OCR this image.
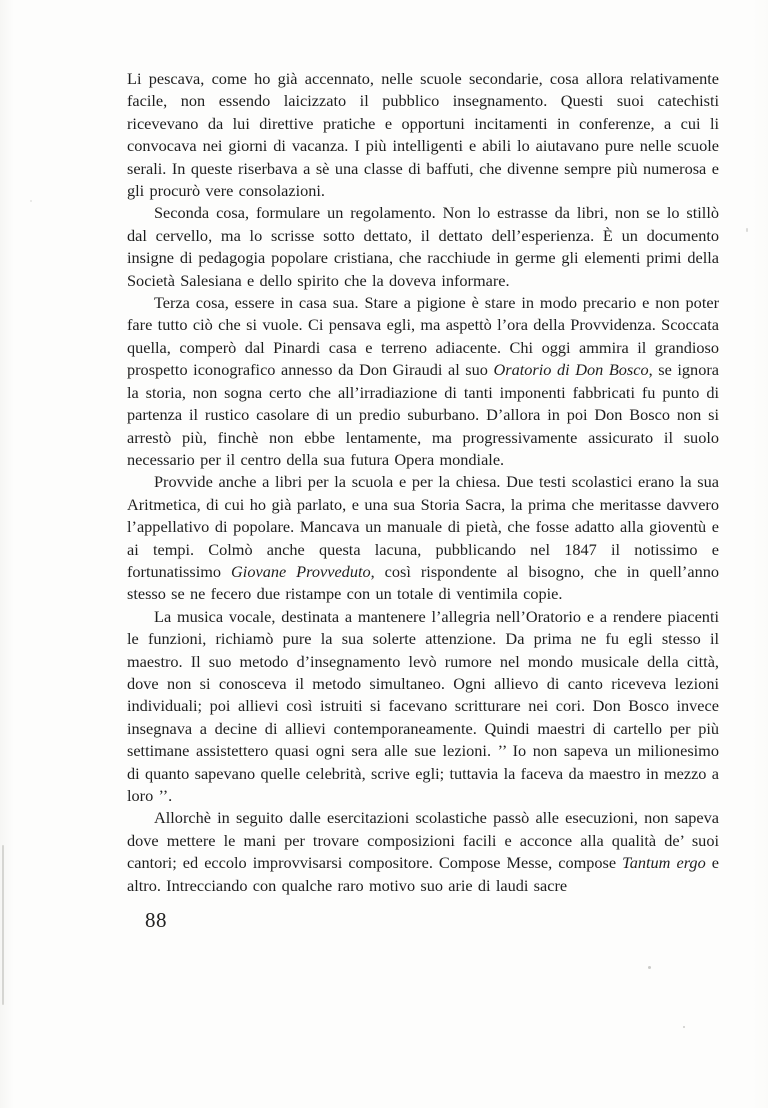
Li pescava, come ho già accennato, nelle scuole secondarie, cosa allora relativamente facile, non essendo laicizzato il pubblico insegnamento. Questi suoi catechisti ricevevano da lui direttive pratiche e opportuni incitamenti in conferenze, a cui li convocava nei giorni di vacanza. I più intelligenti e abili lo aiutavano pure nelle scuole serali. In queste riserbava a sè una classe di baffuti, che divenne sempre più numerosa e gli procurò vere consolazioni.

Seconda cosa, formulare un regolamento. Non lo estrasse da libri, non se lo stillò dal cervello, ma lo scrisse sotto dettato, il dettato dell’esperienza. È un documento insigne di pedagogia popolare cristiana, che racchiude in germe gli elementi primi della Società Salesiana e dello spirito che la doveva informare.

Terza cosa, essere in casa sua. Stare a pigione è stare in modo precario e non poter fare tutto ciò che si vuole. Ci pensava egli, ma aspettò l’ora della Provvidenza. Scoccata quella, comperò dal Pinardi casa e terreno adiacente. Chi oggi ammira il grandioso prospetto iconografico annesso da Don Giraudi al suo Oratorio di Don Bosco, se ignora la storia, non sogna certo che all’irradiazione di tanti imponenti fabbricati fu punto di partenza il rustico casolare di un predio suburbano. D’allora in poi Don Bosco non si arrestò più, finchè non ebbe lentamente, ma progressivamente assicurato il suolo necessario per il centro della sua futura Opera mondiale.

Provvide anche a libri per la scuola e per la chiesa. Due testi scolastici erano la sua Aritmetica, di cui ho già parlato, e una sua Storia Sacra, la prima che meritasse davvero l’appellativo di popolare. Mancava un manuale di pietà, che fosse adatto alla gioventù e ai tempi. Colmò anche questa lacuna, pubblicando nel 1847 il notissimo e fortunatissimo Giovane Provveduto, così rispondente al bisogno, che in quell’anno stesso se ne fecero due ristampe con un totale di ventimila copie.

La musica vocale, destinata a mantenere l’allegria nell’Oratorio e a rendere piacenti le funzioni, richiamò pure la sua solerte attenzione. Da prima ne fu egli stesso il maestro. Il suo metodo d’insegnamento levò rumore nel mondo musicale della città, dove non si conosceva il metodo simultaneo. Ogni allievo di canto riceveva lezioni individuali; poi allievi così istruiti si facevano scritturare nei cori. Don Bosco invece insegnava a decine di allievi contemporaneamente. Quindi maestri di cartello per più settimane assistettero quasi ogni sera alle sue lezioni. ’’ Io non sapeva un milionesimo di quanto sapevano quelle celebrità, scrive egli; tuttavia la faceva da maestro in mezzo a loro ’’.

Allorchè in seguito dalle esercitazioni scolastiche passò alle esecuzioni, non sapeva dove mettere le mani per trovare composizioni facili e acconce alla qualità de’ suoi cantori; ed eccolo improvvisarsi compositore. Compose Messe, compose Tantum ergo e altro. Intrecciando con qualche raro motivo suo arie di laudi sacre

88
